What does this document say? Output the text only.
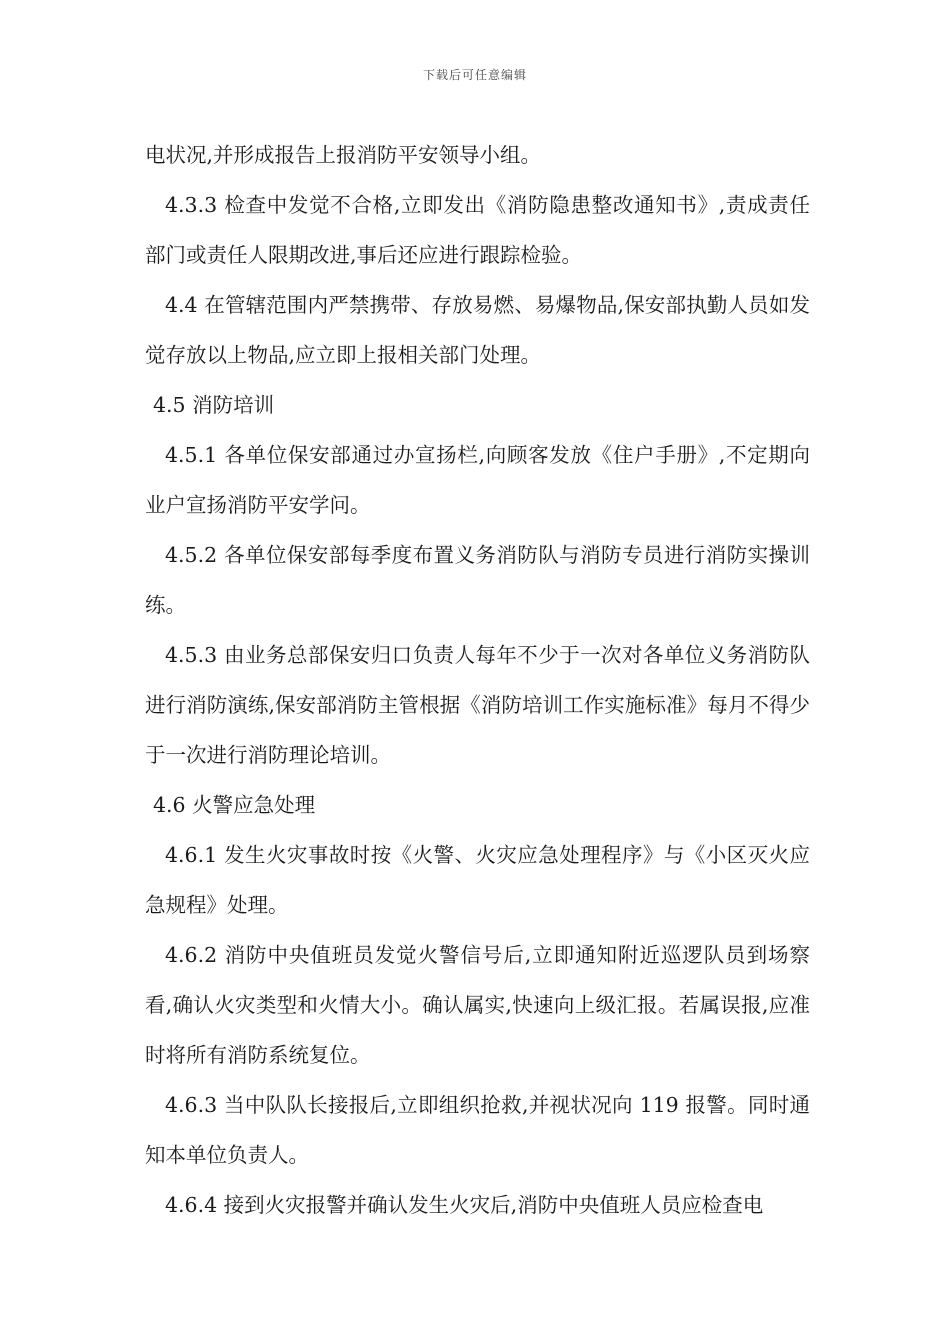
下载后可任意编辑

电状况,并形成报告上报消防平安领导小组。

4.3.3 检查中发觉不合格,立即发出《消防隐患整改通知书》,责成责任部门或责任人限期改进,事后还应进行跟踪检验。

4.4 在管辖范围内严禁携带、存放易燃、易爆物品,保安部执勤人员如发觉存放以上物品,应立即上报相关部门处理。

4.5 消防培训

4.5.1 各单位保安部通过办宣扬栏,向顾客发放《住户手册》,不定期向业户宣扬消防平安学问。

4.5.2 各单位保安部每季度布置义务消防队与消防专员进行消防实操训练。

4.5.3 由业务总部保安归口负责人每年不少于一次对各单位义务消防队进行消防演练,保安部消防主管根据《消防培训工作实施标准》每月不得少于一次进行消防理论培训。

4.6 火警应急处理

4.6.1 发生火灾事故时按《火警、火灾应急处理程序》与《小区灭火应急规程》处理。

4.6.2 消防中央值班员发觉火警信号后,立即通知附近巡逻队员到场察看,确认火灾类型和火情大小。确认属实,快速向上级汇报。若属误报,应准时将所有消防系统复位。

4.6.3 当中队队长接报后,立即组织抢救,并视状况向 119 报警。同时通知本单位负责人。

4.6.4 接到火灾报警并确认发生火灾后,消防中央值班人员应检查电
